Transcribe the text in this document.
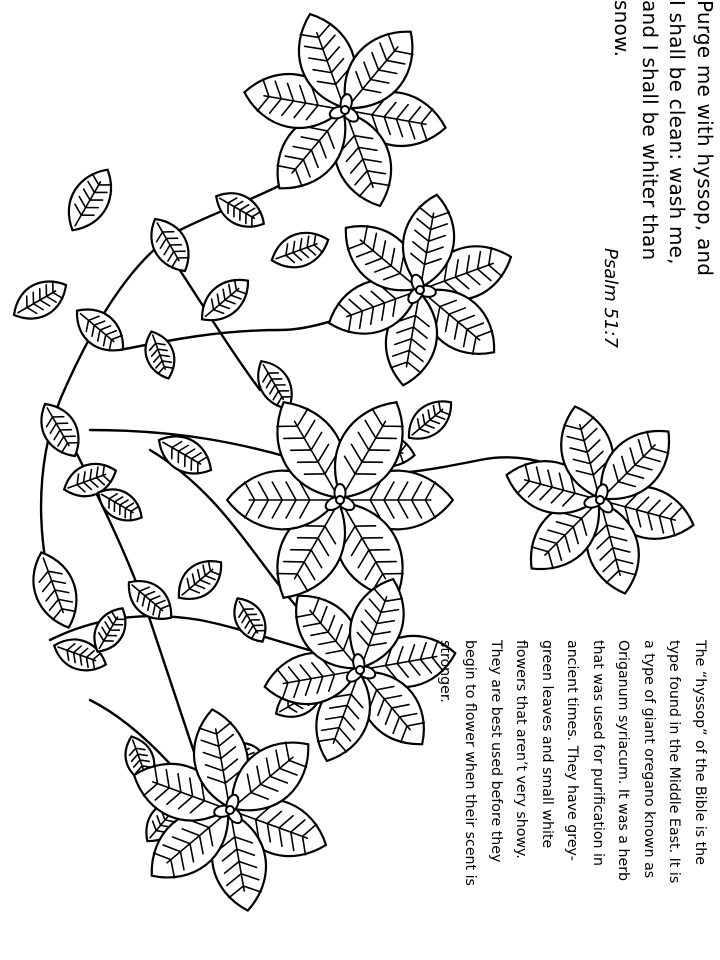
Purge me with hyssop, and
I shall be clean: wash me,
and I shall be whiter than
snow.
Psalm 51:7
The “hyssop” of the Bible is the
type found in the Middle East. It is
a type of giant oregano known as
Origanum syriacum. It was a herb
that was used for purification in
ancient times. They have grey-
green leaves and small white
flowers that aren’t very showy.
They are best used before they
begin to flower when their scent is
stronger.
